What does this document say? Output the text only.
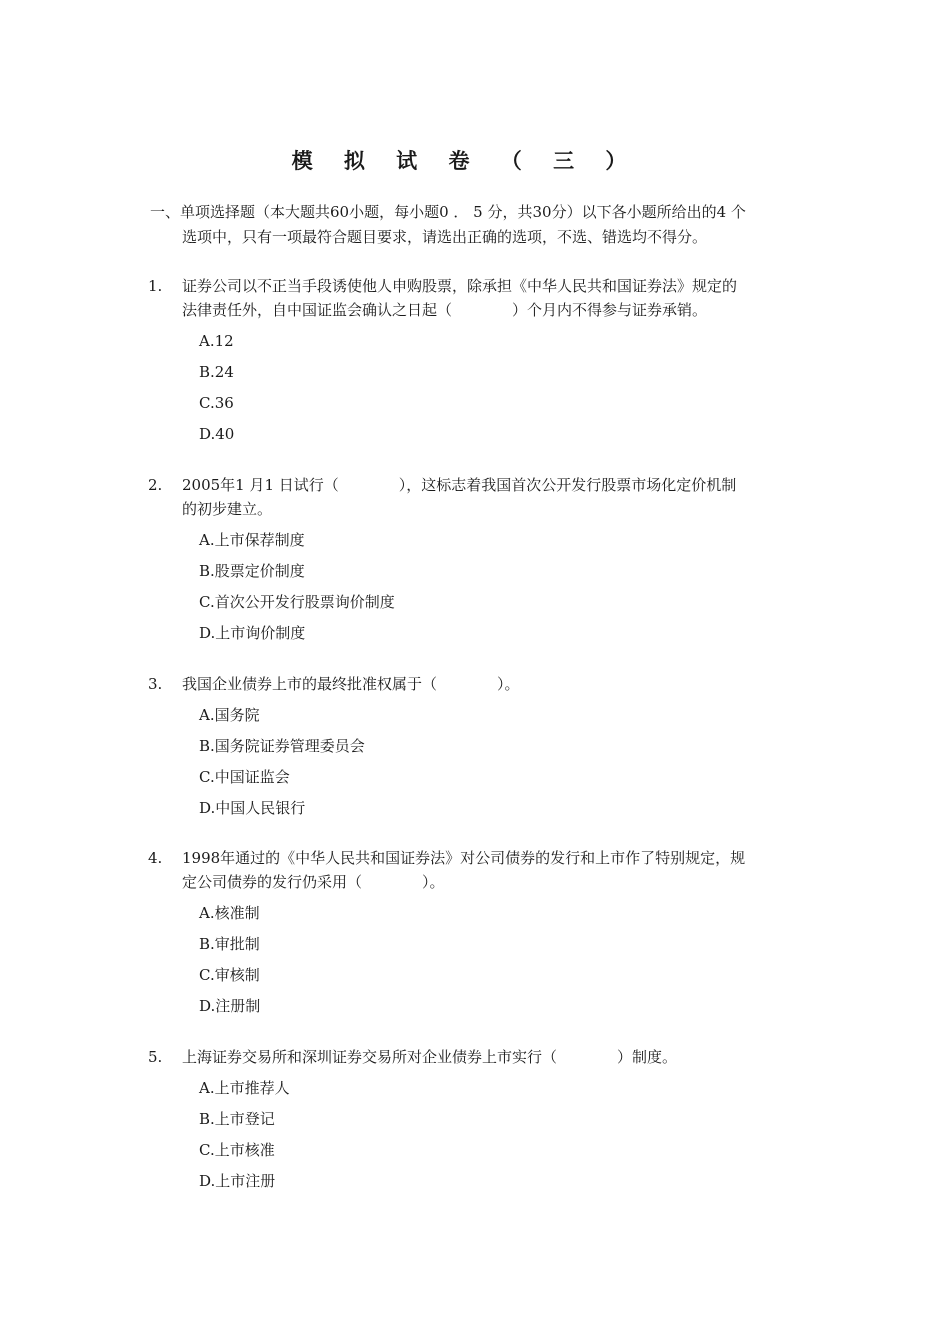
模 拟 试 卷 （ 三 ）
一、单项选择题（本大题共60小题，每小题0 ． 5 分，共30分）以下各小题所给出的4 个
选项中，只有一项最符合题目要求，请选出正确的选项，不选、错选均不得分。
1.	证券公司以不正当手段诱使他人申购股票，除承担《中华人民共和国证券法》规定的
法律责任外，自中国证监会确认之日起（　　　　）个月内不得参与证券承销。
A.12
B.24
C.36
D.40
2.	2005年1 月1 日试行（　　　　），这标志着我国首次公开发行股票市场化定价机制
的初步建立。
A.上市保荐制度
B.股票定价制度
C.首次公开发行股票询价制度
D.上市询价制度
3.	我国企业债券上市的最终批准权属于（　　　　）。
A.国务院
B.国务院证券管理委员会
C.中国证监会
D.中国人民银行
4.	1998年通过的《中华人民共和国证券法》对公司债券的发行和上市作了特别规定，规
定公司债券的发行仍采用（　　　　）。
A.核准制
B.审批制
C.审核制
D.注册制
5.	上海证券交易所和深圳证券交易所对企业债券上市实行（　　　　）制度。
A.上市推荐人
B.上市登记
C.上市核准
D.上市注册
